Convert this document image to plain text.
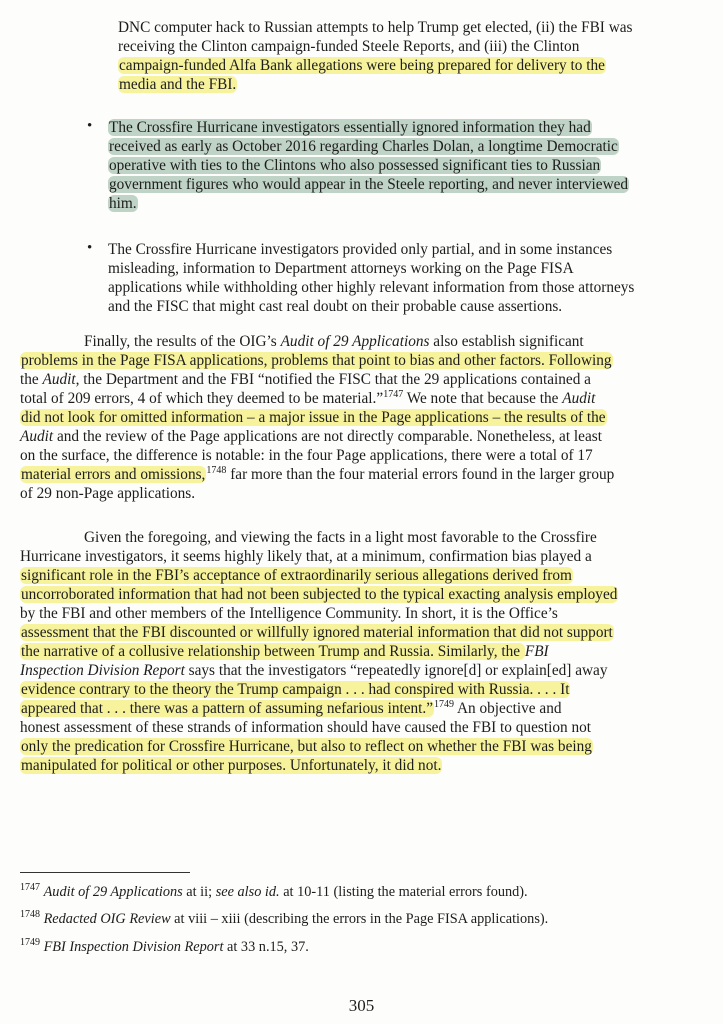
DNC computer hack to Russian attempts to help Trump get elected, (ii) the FBI was

receiving the Clinton campaign-funded Steele Reports, and (iii) the Clinton

campaign-funded Alfa Bank allegations were being prepared for delivery to the

media and the FBI.

• The Crossfire Hurricane investigators essentially ignored information they had

received as early as October 2016 regarding Charles Dolan, a longtime Democratic

operative with ties to the Clintons who also possessed significant ties to Russian

government figures who would appear in the Steele reporting, and never interviewed

him.

• The Crossfire Hurricane investigators provided only partial, and in some instances

misleading, information to Department attorneys working on the Page FISA

applications while withholding other highly relevant information from those attorneys

and the FISC that might cast real doubt on their probable cause assertions.

Finally, the results of the OIG’s Audit of 29 Applications also establish significant

problems in the Page FISA applications, problems that point to bias and other factors. Following

the Audit, the Department and the FBI “notified the FISC that the 29 applications contained a

total of 209 errors, 4 of which they deemed to be material.”$^{1747}$ We note that because the Audit

did not look for omitted information – a major issue in the Page applications – the results of the

Audit and the review of the Page applications are not directly comparable. Nonetheless, at least

on the surface, the difference is notable: in the four Page applications, there were a total of 17

material errors and omissions,$^{1748}$ far more than the four material errors found in the larger group

of 29 non-Page applications.

Given the foregoing, and viewing the facts in a light most favorable to the Crossfire

Hurricane investigators, it seems highly likely that, at a minimum, confirmation bias played a

significant role in the FBI’s acceptance of extraordinarily serious allegations derived from

uncorroborated information that had not been subjected to the typical exacting analysis employed

by the FBI and other members of the Intelligence Community. In short, it is the Office’s

assessment that the FBI discounted or willfully ignored material information that did not support

the narrative of a collusive relationship between Trump and Russia. Similarly, the FBI

Inspection Division Report says that the investigators “repeatedly ignore[d] or explain[ed] away

evidence contrary to the theory the Trump campaign . . . had conspired with Russia. . . . It

appeared that . . . there was a pattern of assuming nefarious intent.”$^{1749}$ An objective and

honest assessment of these strands of information should have caused the FBI to question not

only the predication for Crossfire Hurricane, but also to reflect on whether the FBI was being

manipulated for political or other purposes. Unfortunately, it did not.

$^{1747}$ Audit of 29 Applications at ii; see also id. at 10-11 (listing the material errors found).

$^{1748}$ Redacted OIG Review at viii – xiii (describing the errors in the Page FISA applications).

$^{1749}$ FBI Inspection Division Report at 33 n.15, 37.

305
